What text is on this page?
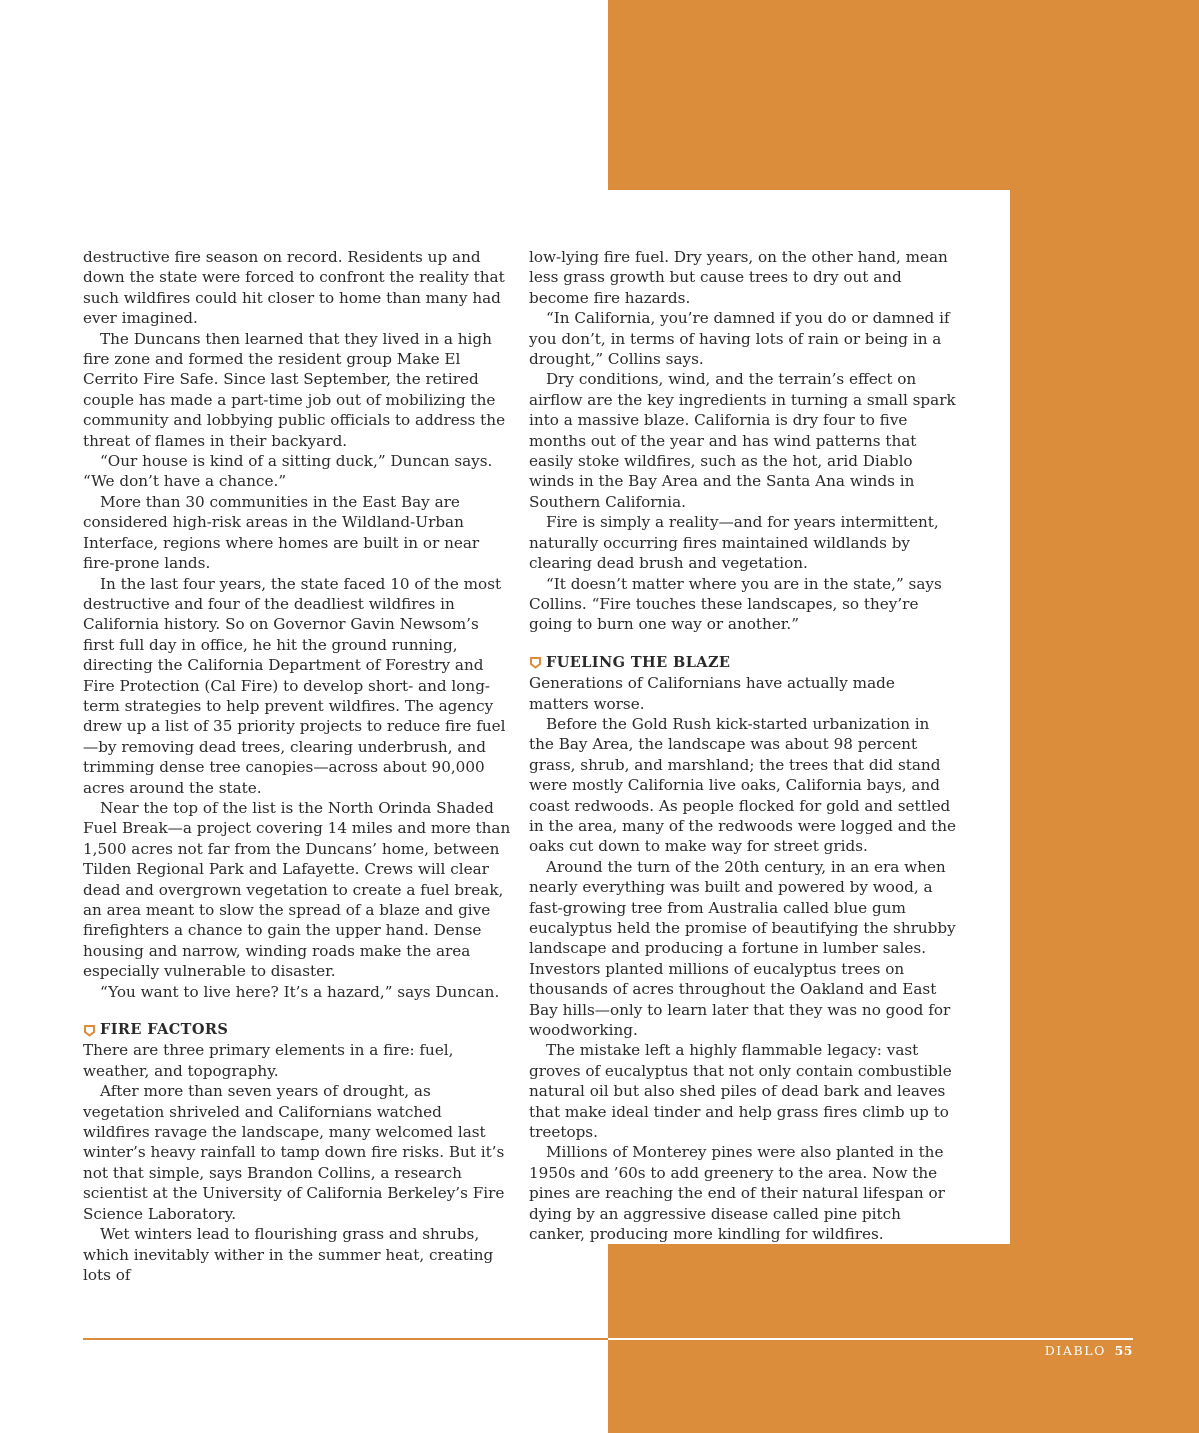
destructive fire season on record. Residents up and down the state were forced to confront the reality that such wildfires could hit closer to home than many had ever imagined.

The Duncans then learned that they lived in a high fire zone and formed the resident group Make El Cerrito Fire Safe. Since last September, the retired couple has made a part-time job out of mobilizing the community and lobbying public officials to address the threat of flames in their backyard.

“Our house is kind of a sitting duck,” Duncan says. “We don’t have a chance.”

More than 30 communities in the East Bay are considered high-risk areas in the Wildland-Urban Interface, regions where homes are built in or near fire-prone lands.

In the last four years, the state faced 10 of the most destructive and four of the deadliest wildfires in California history. So on Governor Gavin Newsom’s first full day in office, he hit the ground running, directing the California Department of Forestry and Fire Protection (Cal Fire) to develop short- and long-term strategies to help prevent wildfires. The agency drew up a list of 35 priority projects to reduce fire fuel—by removing dead trees, clearing underbrush, and trimming dense tree canopies—across about 90,000 acres around the state.

Near the top of the list is the North Orinda Shaded Fuel Break—a project covering 14 miles and more than 1,500 acres not far from the Duncans’ home, between Tilden Regional Park and Lafayette. Crews will clear dead and overgrown vegetation to create a fuel break, an area meant to slow the spread of a blaze and give firefighters a chance to gain the upper hand. Dense housing and narrow, winding roads make the area especially vulnerable to disaster.

“You want to live here? It’s a hazard,” says Duncan.

FIRE FACTORS

There are three primary elements in a fire: fuel, weather, and topography.

After more than seven years of drought, as vegetation shriveled and Californians watched wildfires ravage the landscape, many welcomed last winter’s heavy rainfall to tamp down fire risks. But it’s not that simple, says Brandon Collins, a research scientist at the University of California Berkeley’s Fire Science Laboratory.

Wet winters lead to flourishing grass and shrubs, which inevitably wither in the summer heat, creating lots of

low-lying fire fuel. Dry years, on the other hand, mean less grass growth but cause trees to dry out and become fire hazards.

“In California, you’re damned if you do or damned if you don’t, in terms of having lots of rain or being in a drought,” Collins says.

Dry conditions, wind, and the terrain’s effect on airflow are the key ingredients in turning a small spark into a massive blaze. California is dry four to five months out of the year and has wind patterns that easily stoke wildfires, such as the hot, arid Diablo winds in the Bay Area and the Santa Ana winds in Southern California.

Fire is simply a reality—and for years intermittent, naturally occurring fires maintained wildlands by clearing dead brush and vegetation.

“It doesn’t matter where you are in the state,” says Collins. “Fire touches these landscapes, so they’re going to burn one way or another.”

FUELING THE BLAZE

Generations of Californians have actually made matters worse.

Before the Gold Rush kick-started urbanization in the Bay Area, the landscape was about 98 percent grass, shrub, and marshland; the trees that did stand were mostly California live oaks, California bays, and coast redwoods. As people flocked for gold and settled in the area, many of the redwoods were logged and the oaks cut down to make way for street grids.

Around the turn of the 20th century, in an era when nearly everything was built and powered by wood, a fast-growing tree from Australia called blue gum eucalyptus held the promise of beautifying the shrubby landscape and producing a fortune in lumber sales. Investors planted millions of eucalyptus trees on thousands of acres throughout the Oakland and East Bay hills—only to learn later that they was no good for woodworking.

The mistake left a highly flammable legacy: vast groves of eucalyptus that not only contain combustible natural oil but also shed piles of dead bark and leaves that make ideal tinder and help grass fires climb up to treetops.

Millions of Monterey pines were also planted in the 1950s and ’60s to add greenery to the area. Now the pines are reaching the end of their natural lifespan or dying by an aggressive disease called pine pitch canker, producing more kindling for wildfires.

DIABLO 55
